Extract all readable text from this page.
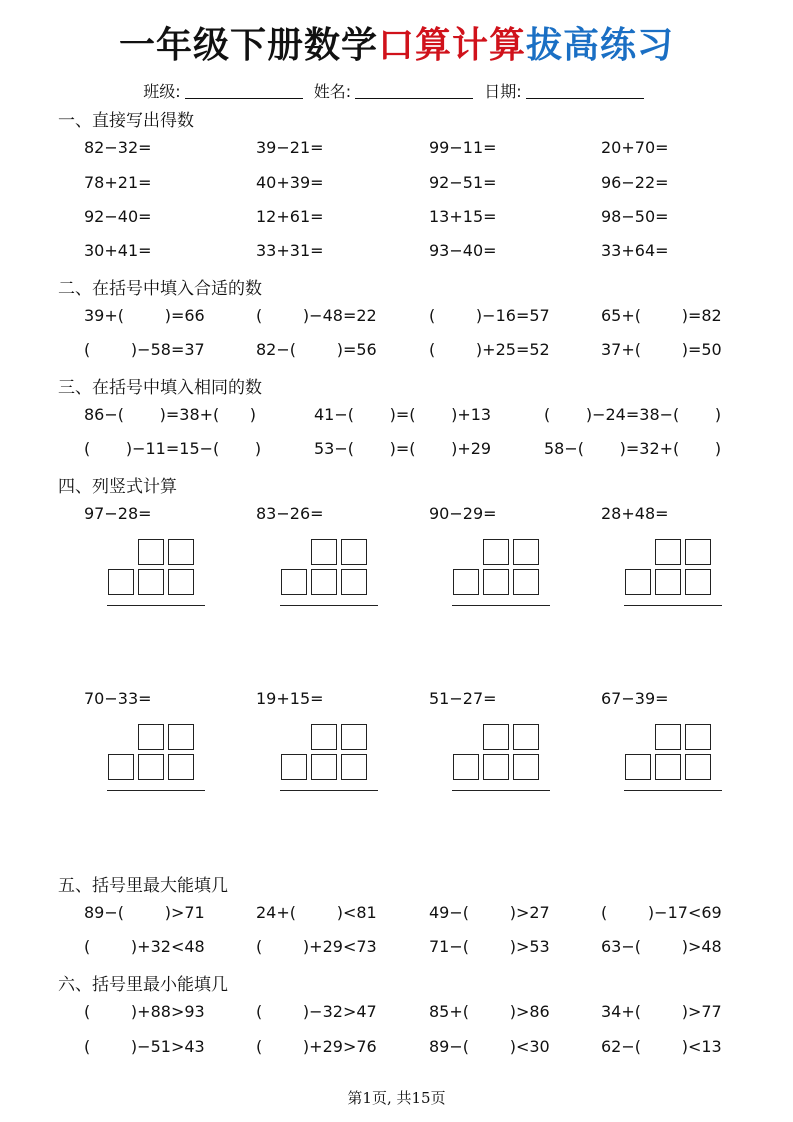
一年级下册数学口算计算拔高练习
班级:	姓名:	日期:
一、直接写出得数
82−32=	39−21=	99−11=	20+70=
78+21=	40+39=	92−51=	96−22=
92−40=	12+61=	13+15=	98−50=
30+41=	33+31=	93−40=	33+64=
二、在括号中填入合适的数
39+(        )=66	(        )−48=22	(        )−16=57	65+(        )=82
(        )−58=37	82−(        )=56	(        )+25=52	37+(        )=50
三、在括号中填入相同的数
86−(       )=38+(      )	41−(       )=(       )+13	(       )−24=38−(       )
(       )−11=15−(       )	53−(       )=(       )+29	58−(       )=32+(       )
四、列竖式计算
97−28=	83−26=	90−29=	28+48=
70−33=	19+15=	51−27=	67−39=
五、括号里最大能填几
89−(        )>71	24+(        )<81	49−(        )>27	(        )−17<69
(        )+32<48	(        )+29<73	71−(        )>53	63−(        )>48
六、括号里最小能填几
(        )+88>93	(        )−32>47	85+(        )>86	34+(        )>77
(        )−51>43	(        )+29>76	89−(        )<30	62−(        )<13
第1页, 共15页
